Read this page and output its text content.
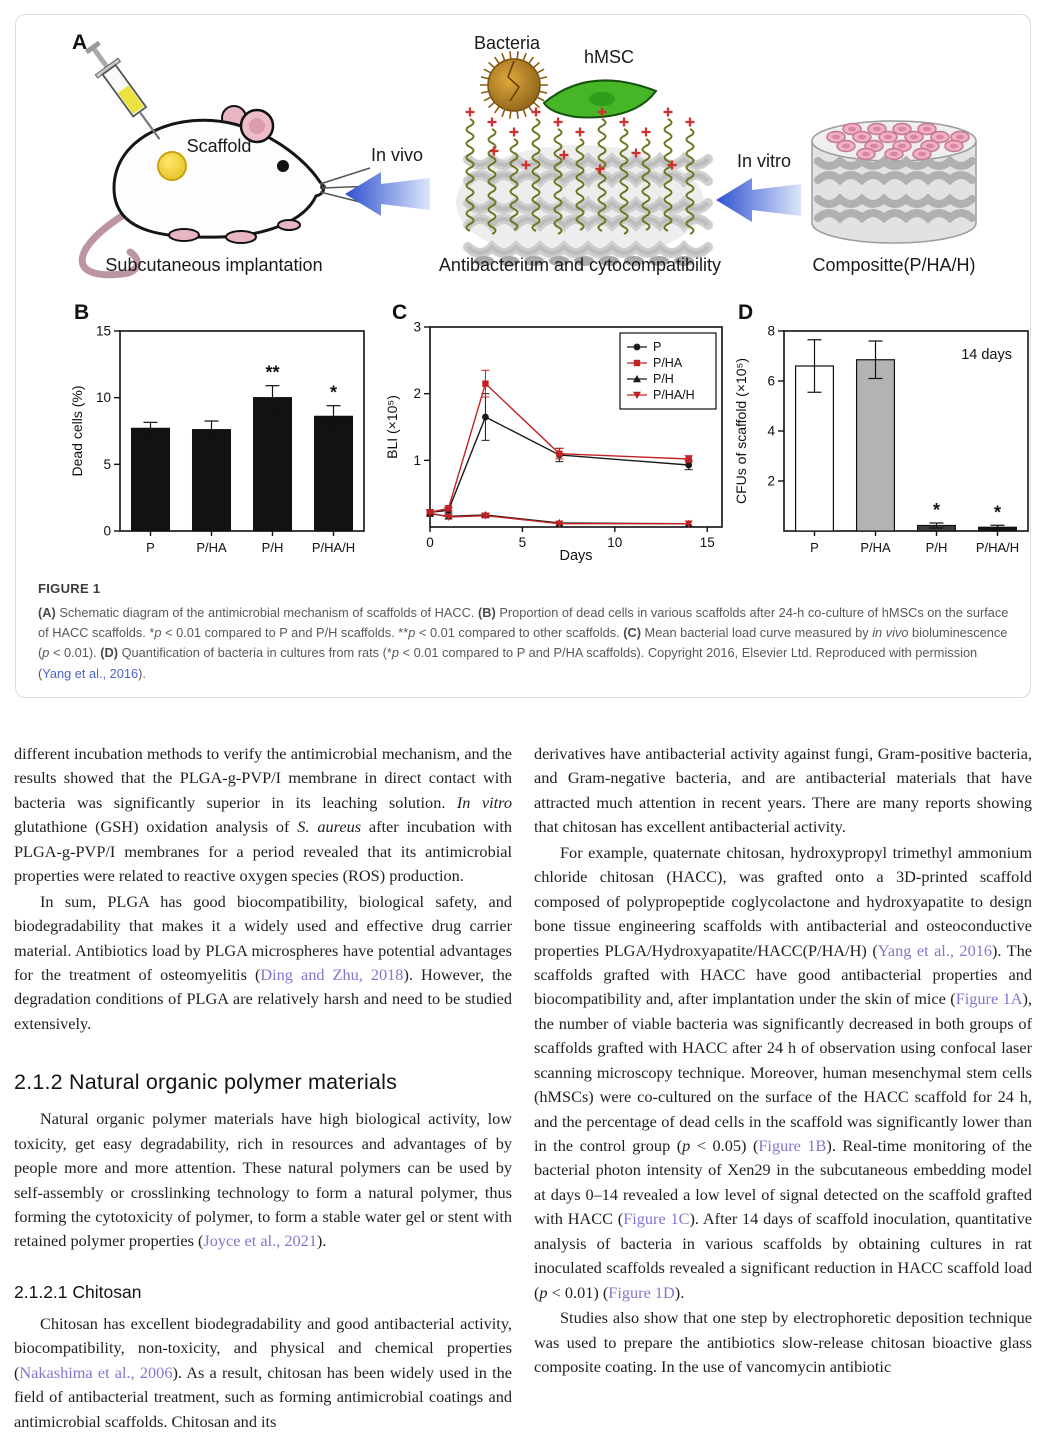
A
B	C	D
Scaffold
Subcutaneous implantation
In vivo
Bacteria
hMSC
Antibacterium and cytocompatibility
In vitro
Compositte(P/HA/H)
0
5
10
15
Dead cells (%)
P	P/HA
**
P/H
*
P/HA/H	0	5	10	15
1
2
3
Days
BLI (×10⁵)
P
P/HA
P/H
P/HA/H
2
4
6
8
CFUs of scaffold (×10⁵)
P	P/HA
*
P/H
*
P/HA/H
14 days
FIGURE 1
(A) Schematic diagram of the antimicrobial mechanism of scaffolds of HACC. (B) Proportion of dead cells in various scaffolds after 24-h co-culture of hMSCs on the surface of HACC scaffolds. *p < 0.01 compared to P and P/H scaffolds. **p < 0.01 compared to other scaffolds. (C) Mean bacterial load curve measured by in vivo bioluminescence (p < 0.01). (D) Quantification of bacteria in cultures from rats (*p < 0.01 compared to P and P/HA scaffolds). Copyright 2016, Elsevier Ltd. Reproduced with permission (Yang et al., 2016).

different incubation methods to verify the antimicrobial mechanism, and the results showed that the PLGA-g-PVP/I membrane in direct contact with bacteria was significantly superior in its leaching solution. In vitro glutathione (GSH) oxidation analysis of S. aureus after incubation with PLGA-g-PVP/I membranes for a period revealed that its antimicrobial properties were related to reactive oxygen species (ROS) production.

In sum, PLGA has good biocompatibility, biological safety, and biodegradability that makes it a widely used and effective drug carrier material. Antibiotics load by PLGA microspheres have potential advantages for the treatment of osteomyelitis (Ding and Zhu, 2018). However, the degradation conditions of PLGA are relatively harsh and need to be studied extensively.

2.1.2 Natural organic polymer materials

Natural organic polymer materials have high biological activity, low toxicity, get easy degradability, rich in resources and advantages of by people more and more attention. These natural polymers can be used by self-assembly or crosslinking technology to form a natural polymer, thus forming the cytotoxicity of polymer, to form a stable water gel or stent with retained polymer properties (Joyce et al., 2021).

2.1.2.1 Chitosan

Chitosan has excellent biodegradability and good antibacterial activity, biocompatibility, non-toxicity, and physical and chemical properties (Nakashima et al., 2006). As a result, chitosan has been widely used in the field of antibacterial treatment, such as forming antimicrobial coatings and antimicrobial scaffolds. Chitosan and its

derivatives have antibacterial activity against fungi, Gram-positive bacteria, and Gram-negative bacteria, and are antibacterial materials that have attracted much attention in recent years. There are many reports showing that chitosan has excellent antibacterial activity.

For example, quaternate chitosan, hydroxypropyl trimethyl ammonium chloride chitosan (HACC), was grafted onto a 3D-printed scaffold composed of polypropeptide coglycolactone and hydroxyapatite to design bone tissue engineering scaffolds with antibacterial and osteoconductive properties PLGA/Hydroxyapatite/HACC(P/HA/H) (Yang et al., 2016). The scaffolds grafted with HACC have good antibacterial properties and biocompatibility and, after implantation under the skin of mice (Figure 1A), the number of viable bacteria was significantly decreased in both groups of scaffolds grafted with HACC after 24 h of observation using confocal laser scanning microscopy technique. Moreover, human mesenchymal stem cells (hMSCs) were co-cultured on the surface of the HACC scaffold for 24 h, and the percentage of dead cells in the scaffold was significantly lower than in the control group (p < 0.05) (Figure 1B). Real-time monitoring of the bacterial photon intensity of Xen29 in the subcutaneous embedding model at days 0–14 revealed a low level of signal detected on the scaffold grafted with HACC (Figure 1C). After 14 days of scaffold inoculation, quantitative analysis of bacteria in various scaffolds by obtaining cultures in rat inoculated scaffolds revealed a significant reduction in HACC scaffold load (p < 0.01) (Figure 1D).

Studies also show that one step by electrophoretic deposition technique was used to prepare the antibiotics slow-release chitosan bioactive glass composite coating. In the use of vancomycin antibiotic
